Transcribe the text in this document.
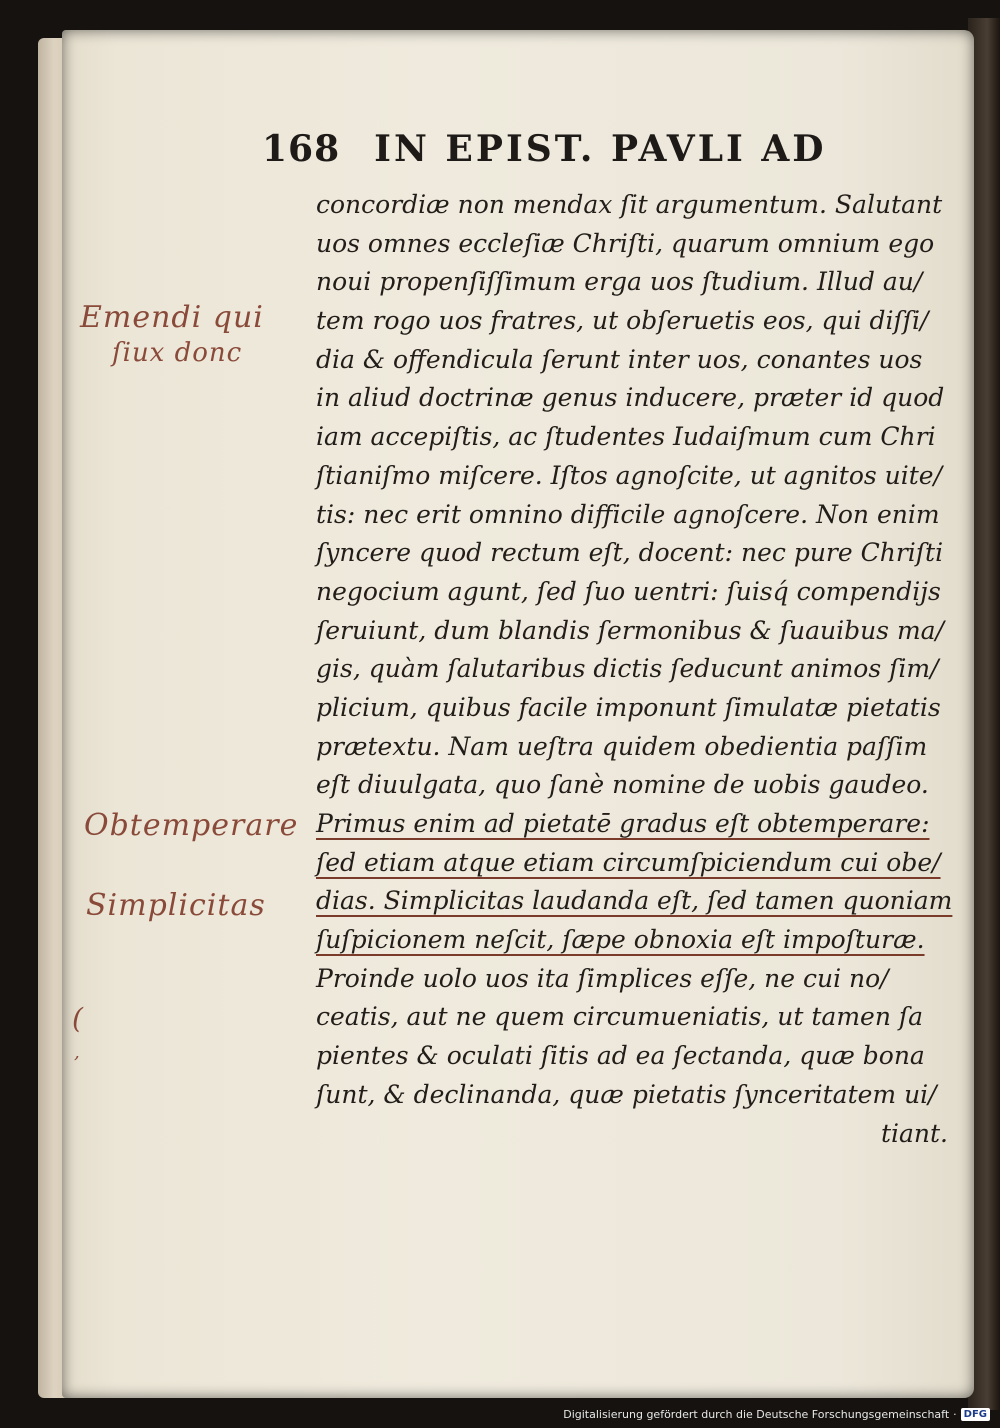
168 IN EPIST. PAVLI AD
concordiæ non mendax ſit argumentum. Salutant
uos omnes eccleſiæ Chriſti, quarum omnium ego
noui propenſiſſimum erga uos ſtudium. Illud au/
tem rogo uos fratres, ut obſeruetis eos, qui diſſi/
dia & offendicula ſerunt inter uos, conantes uos
in aliud doctrinæ genus inducere, præter id quod
iam accepiſtis, ac ſtudentes Iudaiſmum cum Chri
ſtianiſmo miſcere. Iſtos agnoſcite, ut agnitos uite/
tis: nec erit omnino difficile agnoſcere. Non enim
ſyncere quod rectum eſt, docent: nec pure Chriſti
negocium agunt, ſed ſuo uentri: ſuisq́ compendijs
ſeruiunt, dum blandis ſermonibus & ſuauibus ma/
gis, quàm ſalutaribus dictis ſeducunt animos ſim/
plicium, quibus facile imponunt ſimulatæ pietatis
prætextu. Nam ueſtra quidem obedientia paſſim
eſt diuulgata, quo ſanè nomine de uobis gaudeo.
Primus enim ad pietatē gradus eſt obtemperare:
ſed etiam atque etiam circumſpiciendum cui obe/
dias. Simplicitas laudanda eſt, ſed tamen quoniam
ſuſpicionem neſcit, ſæpe obnoxia eſt impoſturæ.
Proinde uolo uos ita ſimplices eſſe, ne cui no/
ceatis, aut ne quem circumueniatis, ut tamen ſa
pientes & oculati ſitis ad ea ſectanda, quæ bona
ſunt, & declinanda, quæ pietatis ſynceritatem ui/
tiant.
Emendi qui
ſiux donc
Obtemperare
Simplicitas
(
,
Digitalisierung gefördert durch die Deutsche Forschungsgemeinschaft · DFG
